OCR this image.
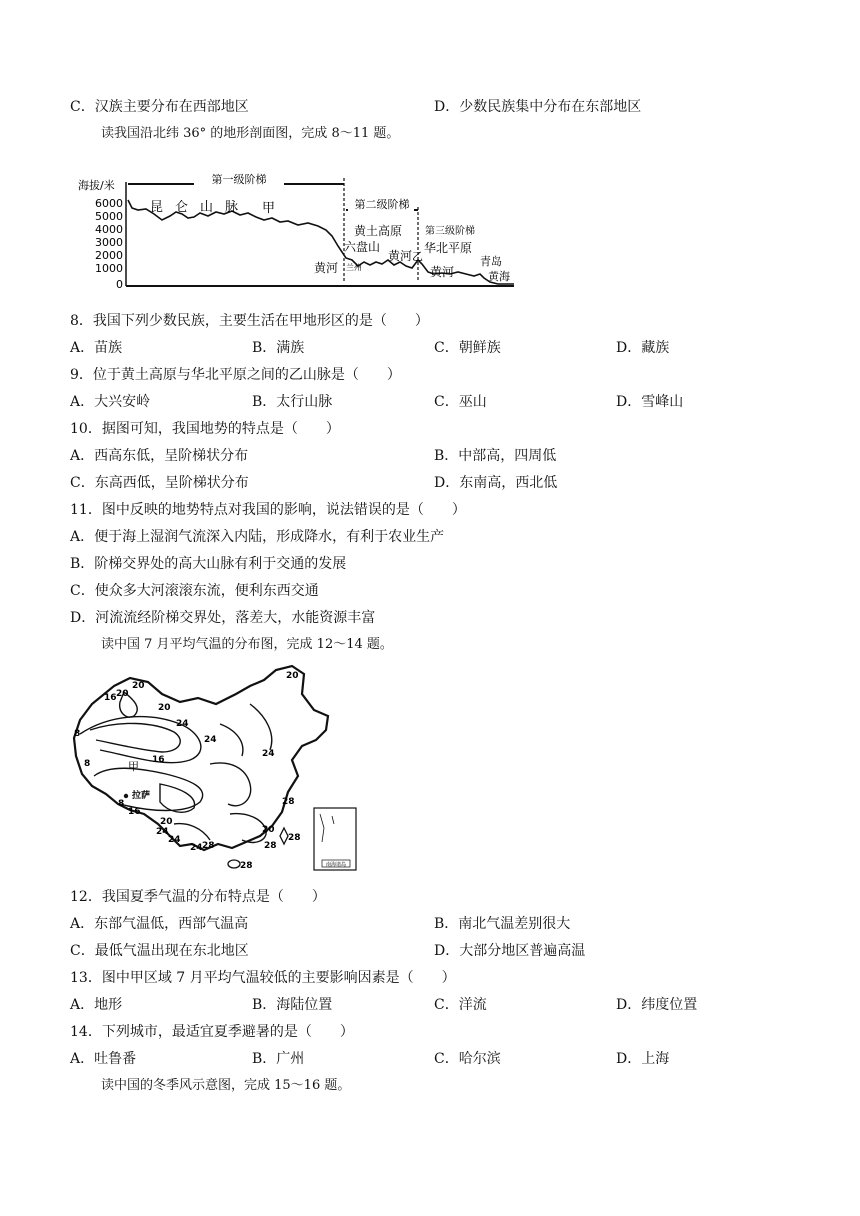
C．汉族主要分布在西部地区	D．少数民族集中分布在东部地区
读我国沿北纬 36° 的地形剖面图，完成 8～11 题。
海拔/米
6000
5000
4000
3000
2000
1000
0
第一级阶梯
第二级阶梯
第三级阶梯
昆仑山脉 甲
黄土高原
六盘山
黄河 兰州
黄河 乙
华北平原
黄河
青岛
黄海
8．我国下列少数民族，主要生活在甲地形区的是（　　）
A．苗族	B．满族	C．朝鲜族	D．藏族
9．位于黄土高原与华北平原之间的乙山脉是（　　）
A．大兴安岭	B．太行山脉	C．巫山	D．雪峰山
10．据图可知，我国地势的特点是（　　）
A．西高东低，呈阶梯状分布	B．中部高，四周低
C．东高西低，呈阶梯状分布	D．东南高，西北低
11．图中反映的地势特点对我国的影响，说法错误的是（　　）
A．便于海上湿润气流深入内陆，形成降水，有利于农业生产
B．阶梯交界处的高大山脉有利于交通的发展
C．使众多大河滚滚东流，便利东西交通
D．河流流经阶梯交界处，落差大，水能资源丰富
读中国 7 月平均气温的分布图，完成 12～14 题。
20
20
16 20
20
24
24
8
16
8
8
16
24
20
24
28
20
24
24 28	28
28
28
甲
拉萨
南海诸岛
12．我国夏季气温的分布特点是（　　）
A．东部气温低，西部气温高	B．南北气温差别很大
C．最低气温出现在东北地区	D．大部分地区普遍高温
13．图中甲区域 7 月平均气温较低的主要影响因素是（　　）
A．地形	B．海陆位置	C．洋流	D．纬度位置
14．下列城市，最适宜夏季避暑的是（　　）
A．吐鲁番	B．广州	C．哈尔滨	D．上海
读中国的冬季风示意图，完成 15～16 题。
